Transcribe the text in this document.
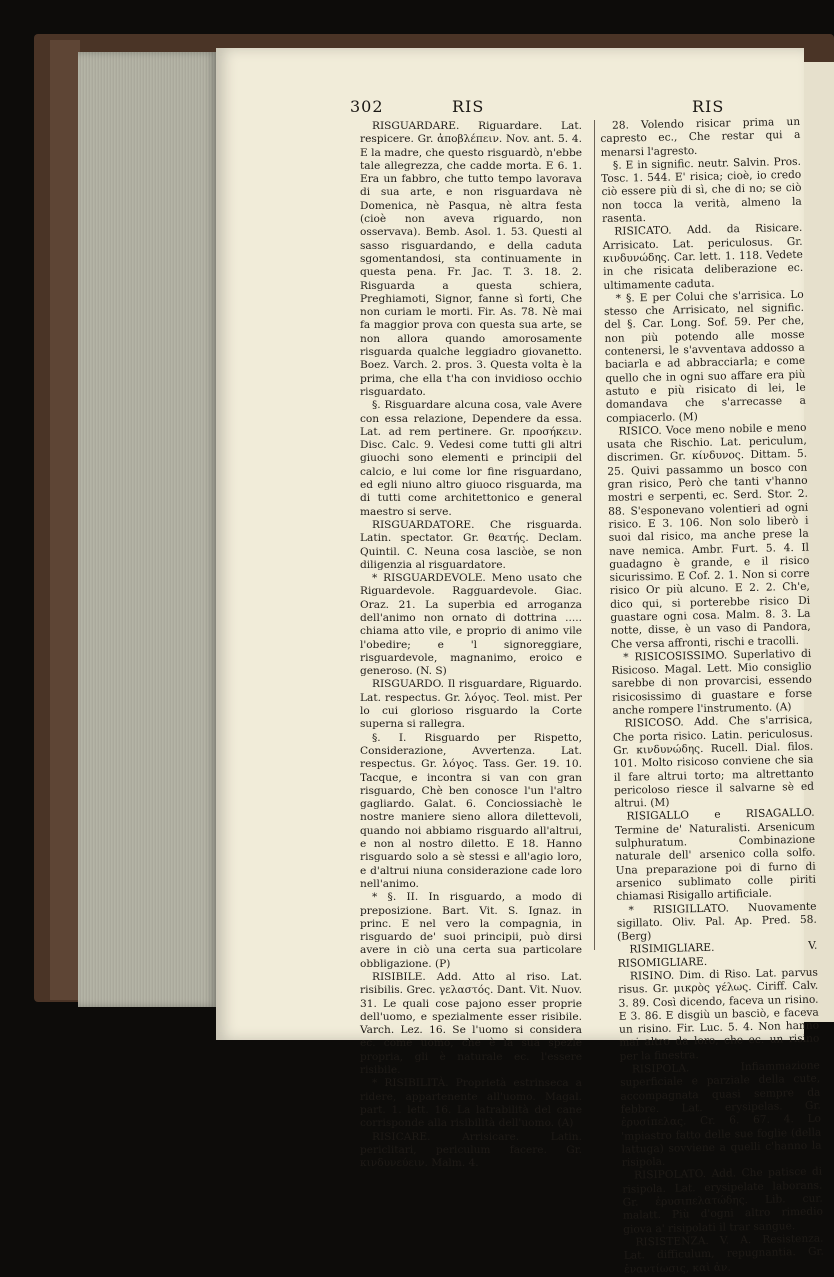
302	RIS	RIS

RISGUARDARE. Riguardare. Lat. respicere. Gr. ἀποβλέπειν. Nov. ant. 5. 4. E la madre, che questo risguardò, n'ebbe tale allegrezza, che cadde morta. E 6. 1. Era un fabbro, che tutto tempo lavorava di sua arte, e non risguardava nè Domenica, nè Pasqua, nè altra festa (cioè non aveva riguardo, non osservava). Bemb. Asol. 1. 53. Questi al sasso risguardando, e della caduta sgomentandosi, sta continuamente in questa pena. Fr. Jac. T. 3. 18. 2. Risguarda a questa schiera, Preghiamoti, Signor, fanne sì forti, Che non curiam le morti. Fir. As. 78. Nè mai fa maggior prova con questa sua arte, se non allora quando amorosamente risguarda qualche leggiadro giovanetto. Boez. Varch. 2. pros. 3. Questa volta è la prima, che ella t'ha con invidioso occhio risguardato.

§. Risguardare alcuna cosa, vale Avere con essa relazione, Dependere da essa. Lat. ad rem pertinere. Gr. προσήκειν. Disc. Calc. 9. Vedesi come tutti gli altri giuochi sono elementi e principii del calcio, e lui come lor fine risguardano, ed egli niuno altro giuoco risguarda, ma di tutti come architettonico e general maestro si serve.

RISGUARDATORE. Che risguarda. Latin. spectator. Gr. θεατής. Declam. Quintil. C. Neuna cosa lasciòe, se non diligenzia al risguardatore.

* RISGUARDEVOLE. Meno usato che Riguardevole. Ragguardevole. Giac. Oraz. 21. La superbia ed arroganza dell'animo non ornato di dottrina ..... chiama atto vile, e proprio di animo vile l'obedire; e 'l signoreggiare, risguardevole, magnanimo, eroico e generoso. (N. S)

RISGUARDO. Il risguardare, Riguardo. Lat. respectus. Gr. λόγος. Teol. mist. Per lo cui glorioso risguardo la Corte superna si rallegra.

§. I. Risguardo per Rispetto, Considerazione, Avvertenza. Lat. respectus. Gr. λόγος. Tass. Ger. 19. 10. Tacque, e incontra si van con gran risguardo, Chè ben conosce l'un l'altro gagliardo. Galat. 6. Conciossiachè le nostre maniere sieno allora dilettevoli, quando noi abbiamo risguardo all'altrui, e non al nostro diletto. E 18. Hanno risguardo solo a sè stessi e all'agio loro, e d'altrui niuna considerazione cade loro nell'animo.

* §. II. In risguardo, a modo di preposizione. Bart. Vit. S. Ignaz. in princ. E nel vero la compagnia, in risguardo de' suoi principii, può dirsi avere in ciò una certa sua particolare obbligazione. (P)

RISIBILE. Add. Atto al riso. Lat. risibilis. Grec. γελαστός. Dant. Vit. Nuov. 31. Le quali cose pajono esser proprie dell'uomo, e spezialmente esser risibile. Varch. Lez. 16. Se l'uomo si considera ec. come uomo, che è la sua spezie propria, gli è naturale ec. l'essere risibile.

* RISIBILITÀ. Proprietà estrinseca a ridere, appartenente all'uomo. Magal. part. 1. lett. 16. La latrabilità del cane corrisponde alla risibilità dell'uomo. (A)

RISICARE. Arrisicare. Latin. periclitari, periculum facere. Gr. κινδυνεύειν. Malm. 4.

28. Volendo risicar prima un capresto ec., Che restar qui a menarsi l'agresto.

§. E in signific. neutr. Salvin. Pros. Tosc. 1. 544. E' risica; cioè, io credo ciò essere più di sì, che di no; se ciò non tocca la verità, almeno la rasenta.

RISICATO. Add. da Risicare. Arrisicato. Lat. periculosus. Gr. κινδυνώδης. Car. lett. 1. 118. Vedete in che risicata deliberazione ec. ultimamente caduta.

* §. E per Colui che s'arrisica. Lo stesso che Arrisicato, nel signific. del §. Car. Long. Sof. 59. Per che, non più potendo alle mosse contenersi, le s'avventava addosso a baciarla e ad abbracciarla; e come quello che in ogni suo affare era più astuto e più risicato di lei, le domandava che s'arrecasse a compiacerlo. (M)

RISICO. Voce meno nobile e meno usata che Rischio. Lat. periculum, discrimen. Gr. κίνδυνος. Dittam. 5. 25. Quivi passammo un bosco con gran risico, Però che tanti v'hanno mostri e serpenti, ec. Serd. Stor. 2. 88. S'esponevano volentieri ad ogni risico. E 3. 106. Non solo liberò i suoi dal risico, ma anche prese la nave nemica. Ambr. Furt. 5. 4. Il guadagno è grande, e il risico sicurissimo. E Cof. 2. 1. Non si corre risico Or più alcuno. E 2. 2. Ch'e, dico qui, si porterebbe risico Di guastare ogni cosa. Malm. 8. 3. La notte, disse, è un vaso di Pandora, Che versa affronti, rischi e tracolli.

* RISICOSISSIMO. Superlativo di Risicoso. Magal. Lett. Mio consiglio sarebbe di non provarcisi, essendo risicosissimo di guastare e forse anche rompere l'instrumento. (A)

RISICOSO. Add. Che s'arrisica, Che porta risico. Latin. periculosus. Gr. κινδυνώδης. Rucell. Dial. filos. 101. Molto risicoso conviene che sia il fare altrui torto; ma altrettanto pericoloso riesce il salvarne sè ed altrui. (M)

RISIGALLO e RISAGALLO. Termine de' Naturalisti. Arsenicum sulphuratum. Combinazione naturale dell' arsenico colla solfo. Una preparazione poi di furno di arsenico sublimato colle piriti chiamasi Risigallo artificiale.

* RISIGILLATO. Nuovamente sigillato. Oliv. Pal. Ap. Pred. 58. (Berg)

RISIMIGLIARE. V. RISOMIGLIARE.

RISINO. Dim. di Riso. Lat. parvus risus. Gr. μικρὸς γέλως. Ciriff. Calv. 3. 89. Così dicendo, faceva un risino. E 3. 86. E disgiù un basciò, e faceva un risino. Fir. Luc. 5. 4. Non hanno mai altro da loro, che ec. un risino per la finestra.

RISIPOLA. Infiammazione superficiale e parziale della cute, accompagnata quasi sempre da febbre. Lat. erysipelas. Gr. ἐρυσίπελας. Cr. 6. 67. 4. Lo 'mpiastro fatto delle sue foglie (della lattuga) sovviene a quelli c'hanno la risipola.

RISIPOLATO. Add. Che patisce di risipola. Lat. erysipelate laborans. Gr. ἐρυσιπελατώδης. Lib. cur. malatt. Più d'ogni altro rimedio giova a' risipolati il trar sangue.

RISISTENZA. V. A. Resistenza. Lat. difficulum, repugnantia. Gr. ἐναντίωσις, καὶ ἀν.
